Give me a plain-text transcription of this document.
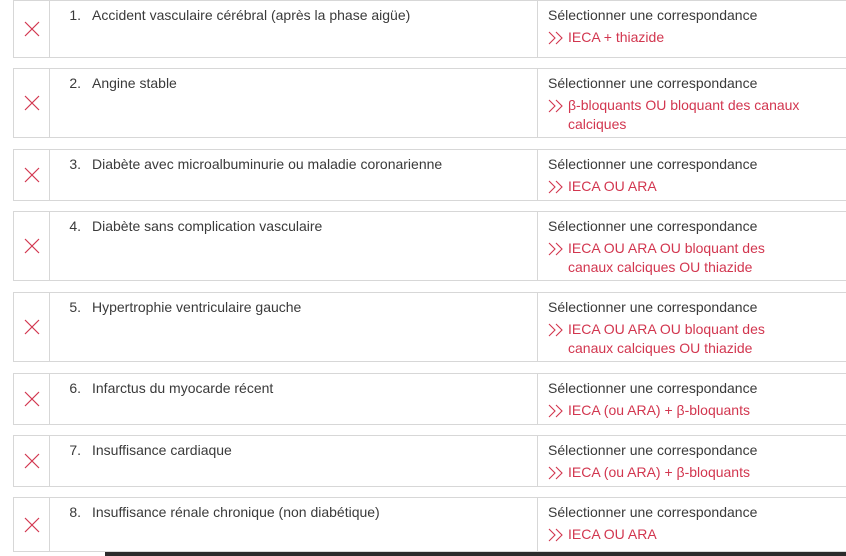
1. Accident vasculaire cérébral (après la phase aigüe)	Sélectionner une correspondance
IECA + thiazide
2. Angine stable	Sélectionner une correspondance
β-bloquants OU bloquant des canaux calciques
3. Diabète avec microalbuminurie ou maladie coronarienne	Sélectionner une correspondance
IECA OU ARA
4. Diabète sans complication vasculaire	Sélectionner une correspondance
IECA OU ARA OU bloquant des canaux calciques OU thiazide
5. Hypertrophie ventriculaire gauche	Sélectionner une correspondance
IECA OU ARA OU bloquant des canaux calciques OU thiazide
6. Infarctus du myocarde récent	Sélectionner une correspondance
IECA (ou ARA) + β-bloquants
7. Insuffisance cardiaque	Sélectionner une correspondance
IECA (ou ARA) + β-bloquants
8. Insuffisance rénale chronique (non diabétique)	Sélectionner une correspondance
IECA OU ARA
